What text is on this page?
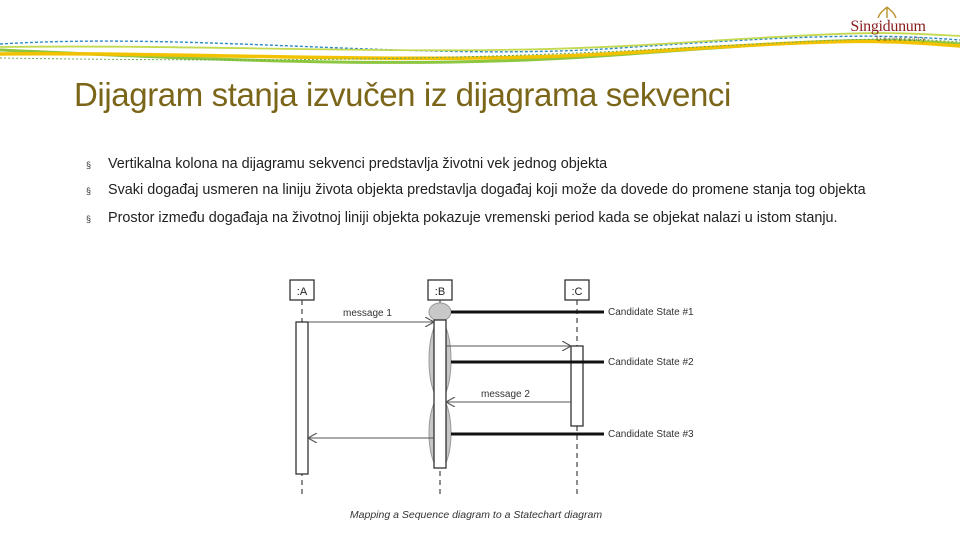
Singidunum
University
Dijagram stanja izvučen iz dijagrama sekvenci
§ Vertikalna kolona na dijagramu sekvenci predstavlja životni vek jednog objekta
§ Svaki događaj usmeren na liniju života objekta predstavlja događaj koji može da dovede do promene stanja tog objekta
§ Prostor između događaja na životnoj liniji objekta pokazuje vremenski period kada se objekat nalazi u istom stanju.
:A	:B	:C
message 1
message 2
Candidate State #1
Candidate State #2
Candidate State #3
Mapping a Sequence diagram to a Statechart diagram
